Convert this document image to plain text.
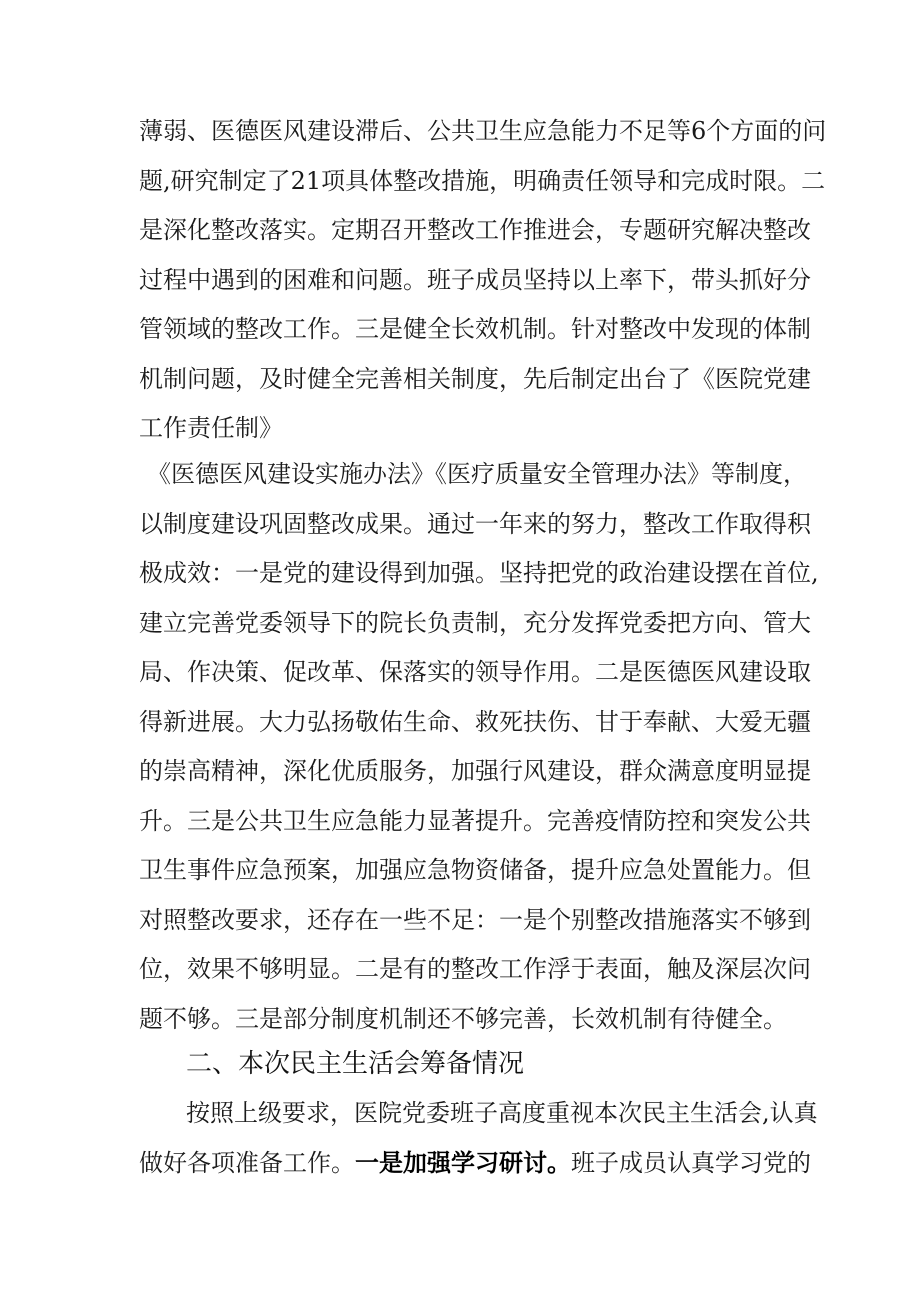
薄弱、医德医风建设滞后、公共卫生应急能力不足等6个方面的问
题,研究制定了21项具体整改措施，明确责任领导和完成时限。二
是深化整改落实。定期召开整改工作推进会，专题研究解决整改
过程中遇到的困难和问题。班子成员坚持以上率下，带头抓好分
管领域的整改工作。三是健全长效机制。针对整改中发现的体制
机制问题，及时健全完善相关制度，先后制定出台了《医院党建
工作责任制》
《医德医风建设实施办法》《医疗质量安全管理办法》等制度，
以制度建设巩固整改成果。通过一年来的努力，整改工作取得积
极成效：一是党的建设得到加强。坚持把党的政治建设摆在首位,
建立完善党委领导下的院长负责制，充分发挥党委把方向、管大
局、作决策、促改革、保落实的领导作用。二是医德医风建设取
得新进展。大力弘扬敬佑生命、救死扶伤、甘于奉献、大爱无疆
的崇高精神，深化优质服务，加强行风建设，群众满意度明显提
升。三是公共卫生应急能力显著提升。完善疫情防控和突发公共
卫生事件应急预案，加强应急物资储备，提升应急处置能力。但
对照整改要求，还存在一些不足：一是个别整改措施落实不够到
位，效果不够明显。二是有的整改工作浮于表面，触及深层次问
题不够。三是部分制度机制还不够完善，长效机制有待健全。
二、本次民主生活会筹备情况
按照上级要求，医院党委班子高度重视本次民主生活会,认真
做好各项准备工作。一是加强学习研讨。班子成员认真学习党的
